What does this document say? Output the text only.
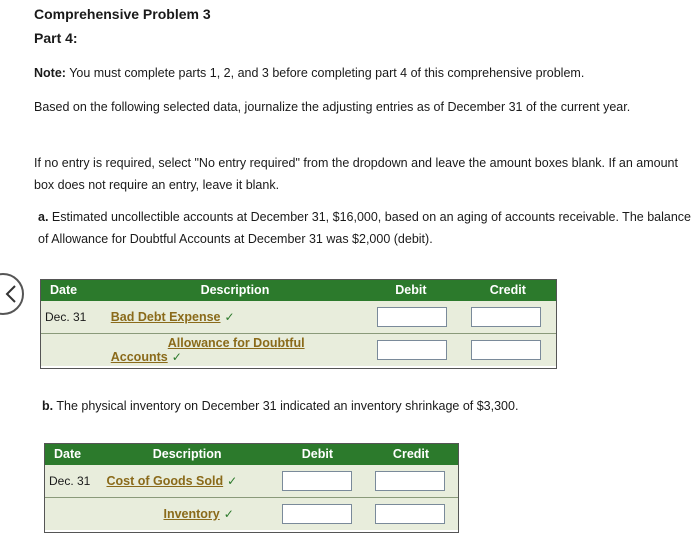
Comprehensive Problem 3
Part 4:
Note: You must complete parts 1, 2, and 3 before completing part 4 of this comprehensive problem.
Based on the following selected data, journalize the adjusting entries as of December 31 of the current year.
If no entry is required, select "No entry required" from the dropdown and leave the amount boxes blank. If an amount box does not require an entry, leave it blank.
a. Estimated uncollectible accounts at December 31, $16,000, based on an aging of accounts receivable. The balance of Allowance for Doubtful Accounts at December 31 was $2,000 (debit).
Date	Description	Debit	Credit
Dec. 31	Bad Debt Expense ✓	

	Allowance for Doubtful Accounts ✓	

b. The physical inventory on December 31 indicated an inventory shrinkage of $3,300.
Date	Description	Debit	Credit
Dec. 31	Cost of Goods Sold ✓	

	Inventory ✓	
